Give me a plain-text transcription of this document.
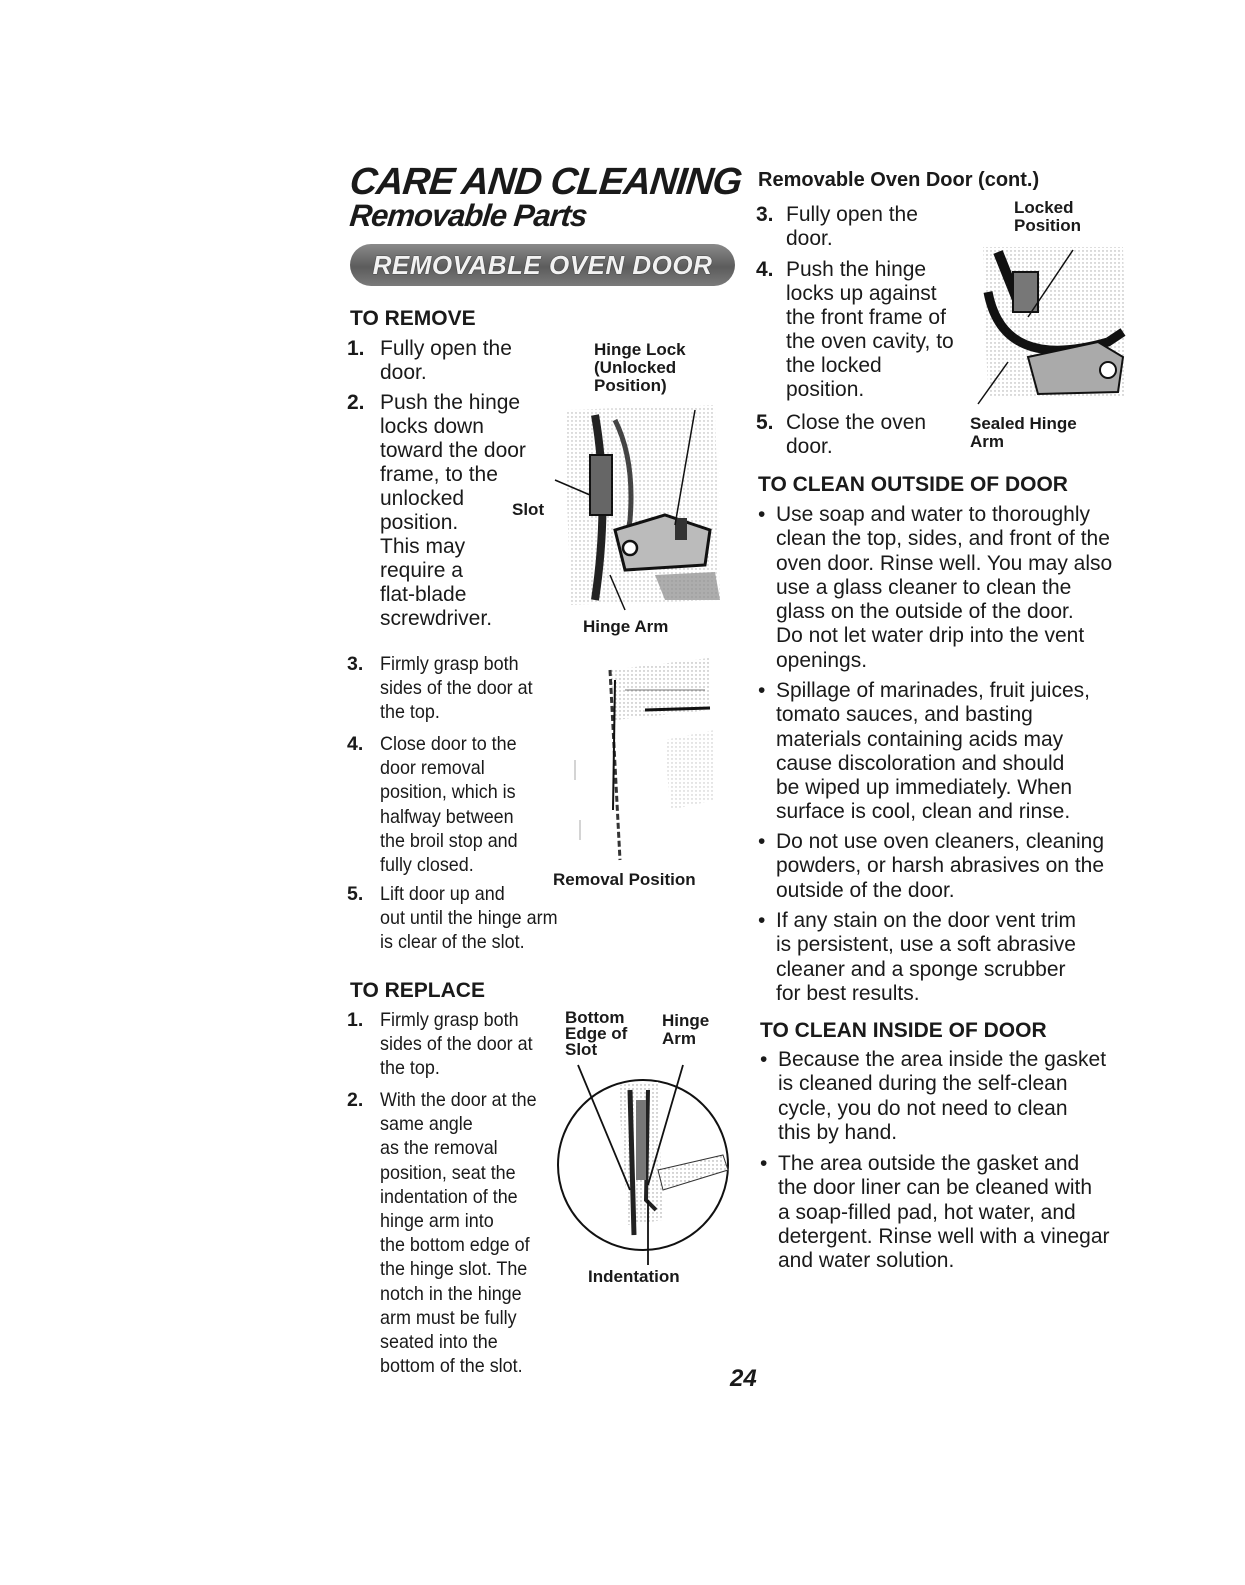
CARE AND CLEANING
Removable Parts
REMOVABLE OVEN DOOR
TO REMOVE
1. Fully open the
door.
2. Push the hinge
locks down
toward the door
frame, to the
unlocked
position.
This may
require a
flat-blade
screwdriver.
Hinge Lock
(Unlocked
Position)
Slot
Hinge Arm
3. Firmly grasp both
sides of the door at
the top.
4. Close door to the
door removal
position, which is
halfway between
the broil stop and
fully closed.
5. Lift door up and
out until the hinge arm
is clear of the slot.
Removal Position
TO REPLACE
1. Firmly grasp both
sides of the door at
the top.
2. With the door at the
same angle
as the removal
position, seat the
indentation of the
hinge arm into
the bottom edge of
the hinge slot. The
notch in the hinge
arm must be fully
seated into the
bottom of the slot.
Bottom
Edge of
Slot
Hinge
Arm
Indentation
Removable Oven Door (cont.)
3. Fully open the
door.
4. Push the hinge
locks up against
the front frame of
the oven cavity, to
the locked
position.
5. Close the oven
door.
Locked
Position
Sealed Hinge
Arm
TO CLEAN OUTSIDE OF DOOR
• Use soap and water to thoroughly
clean the top, sides, and front of the
oven door. Rinse well. You may also
use a glass cleaner to clean the
glass on the outside of the door.
Do not let water drip into the vent
openings.
• Spillage of marinades, fruit juices,
tomato sauces, and basting
materials containing acids may
cause discoloration and should
be wiped up immediately. When
surface is cool, clean and rinse.
• Do not use oven cleaners, cleaning
powders, or harsh abrasives on the
outside of the door.
• If any stain on the door vent trim
is persistent, use a soft abrasive
cleaner and a sponge scrubber
for best results.
TO CLEAN INSIDE OF DOOR
• Because the area inside the gasket
is cleaned during the self-clean
cycle, you do not need to clean
this by hand.
• The area outside the gasket and
the door liner can be cleaned with
a soap-filled pad, hot water, and
detergent. Rinse well with a vinegar
and water solution.
24
